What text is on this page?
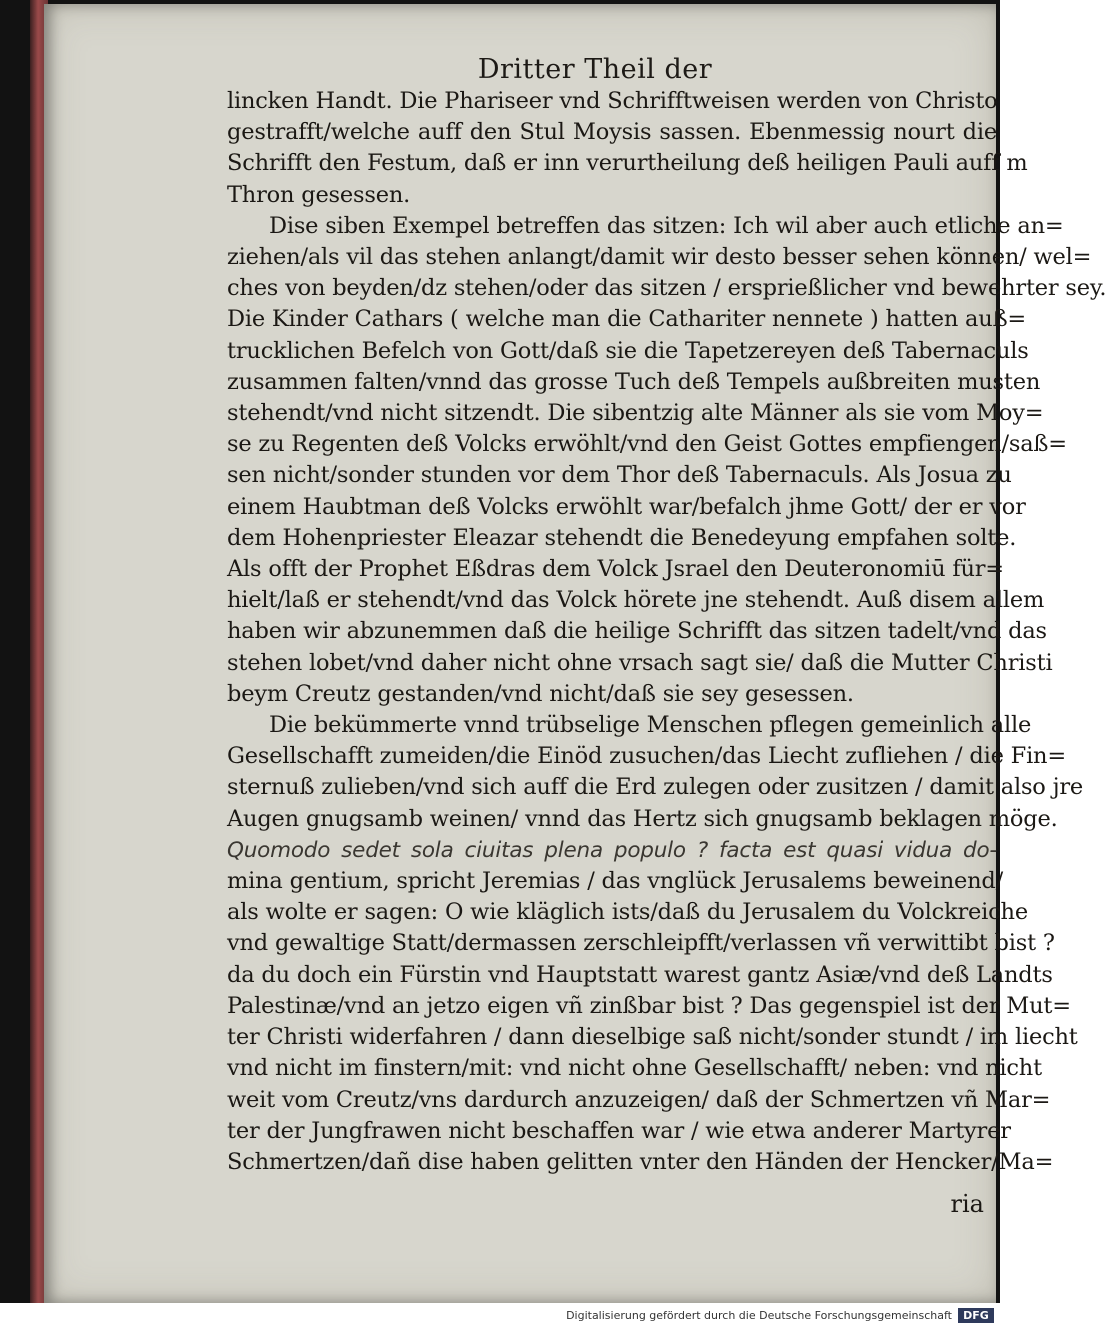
Dritter Theil der
lincken Handt. Die Phariseer vnd Schrifftweisen werden von Christo
gestrafft/welche auff den Stul Moysis sassen. Ebenmessig nourt die
Schrifft den Festum, daß er inn verurtheilung deß heiligen Pauli auff m
Thron gesessen.
Dise siben Exempel betreffen das sitzen: Ich wil aber auch etliche an=
ziehen/als vil das stehen anlangt/damit wir desto besser sehen können/ wel=
ches von beyden/dz stehen/oder das sitzen / ersprießlicher vnd bewehrter sey.
Die Kinder Cathars ( welche man die Cathariter nennete ) hatten auß=
trucklichen Befelch von Gott/daß sie die Tapetzereyen deß Tabernaculs
zusammen falten/vnnd das grosse Tuch deß Tempels außbreiten musten
stehendt/vnd nicht sitzendt. Die sibentzig alte Männer als sie vom Moy=
se zu Regenten deß Volcks erwöhlt/vnd den Geist Gottes empfiengen/saß=
sen nicht/sonder stunden vor dem Thor deß Tabernaculs. Als Josua zu
einem Haubtman deß Volcks erwöhlt war/befalch jhme Gott/ der er vor
dem Hohenpriester Eleazar stehendt die Benedeyung empfahen solte.
Als offt der Prophet Eßdras dem Volck Jsrael den Deuteronomiū für=
hielt/laß er stehendt/vnd das Volck hörete jne stehendt. Auß disem allem
haben wir abzunemmen daß die heilige Schrifft das sitzen tadelt/vnd das
stehen lobet/vnd daher nicht ohne vrsach sagt sie/ daß die Mutter Christi
beym Creutz gestanden/vnd nicht/daß sie sey gesessen.
Die bekümmerte vnnd trübselige Menschen pflegen gemeinlich alle
Gesellschafft zumeiden/die Einöd zusuchen/das Liecht zufliehen / die Fin=
sternuß zulieben/vnd sich auff die Erd zulegen oder zusitzen / damit also jre
Augen gnugsamb weinen/ vnnd das Hertz sich gnugsamb beklagen möge.
Quomodo sedet sola ciuitas plena populo ? facta est quasi vidua do-
mina gentium, spricht Jeremias / das vnglück Jerusalems beweinend/
als wolte er sagen: O wie kläglich ists/daß du Jerusalem du Volckreiche
vnd gewaltige Statt/dermassen zerschleipfft/verlassen vñ verwittibt bist ?
da du doch ein Fürstin vnd Hauptstatt warest gantz Asiæ/vnd deß Landts
Palestinæ/vnd an jetzo eigen vñ zinßbar bist ? Das gegenspiel ist der Mut=
ter Christi widerfahren / dann dieselbige saß nicht/sonder stundt / im liecht
vnd nicht im finstern/mit: vnd nicht ohne Gesellschafft/ neben: vnd nicht
weit vom Creutz/vns dardurch anzuzeigen/ daß der Schmertzen vñ Mar=
ter der Jungfrawen nicht beschaffen war / wie etwa anderer Martyrer
Schmertzen/dañ dise haben gelitten vnter den Händen der Hencker/Ma=
ria
Digitalisierung gefördert durch die Deutsche Forschungsgemeinschaft	DFG
